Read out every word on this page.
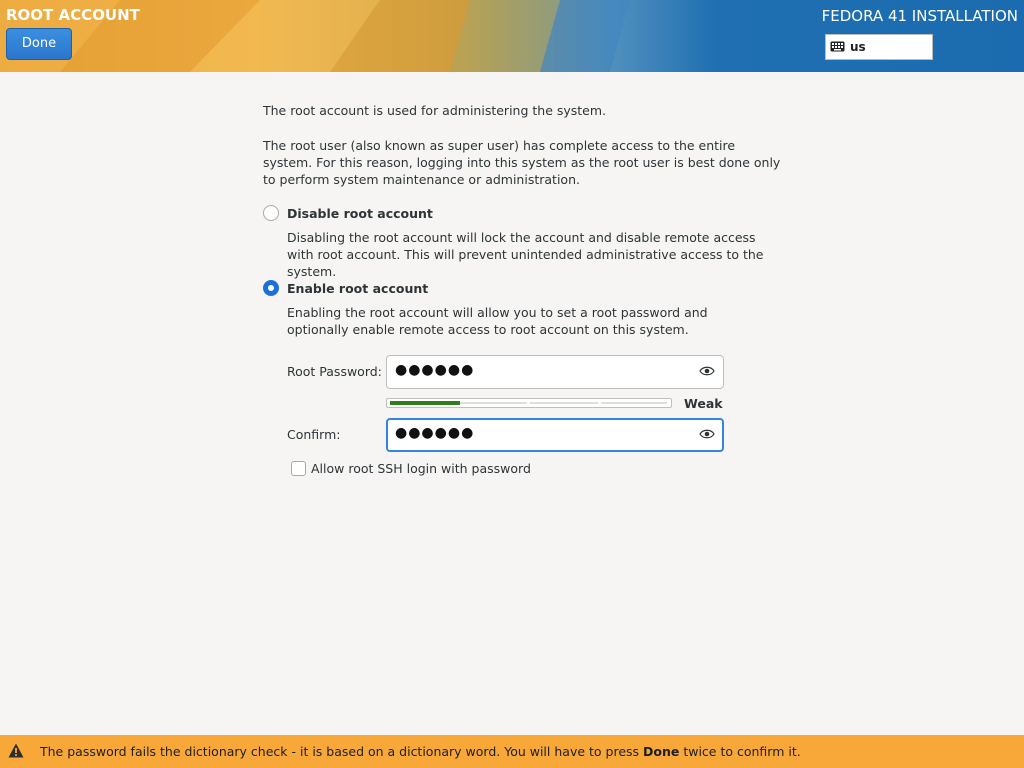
ROOT ACCOUNT
Done
FEDORA 41 INSTALLATION
us
The root account is used for administering the system.
The root user (also known as super user) has complete access to the entire system. For this reason, logging into this system as the root user is best done only to perform system maintenance or administration.
Disable root account
Disabling the root account will lock the account and disable remote access with root account. This will prevent unintended administrative access to the system.
Enable root account
Enabling the root account will allow you to set a root password and optionally enable remote access to root account on this system.
Root Password: ●●●●●●
Weak
Confirm:	●●●●●●
Allow root SSH login with password
The password fails the dictionary check - it is based on a dictionary word. You will have to press Done twice to confirm it.
